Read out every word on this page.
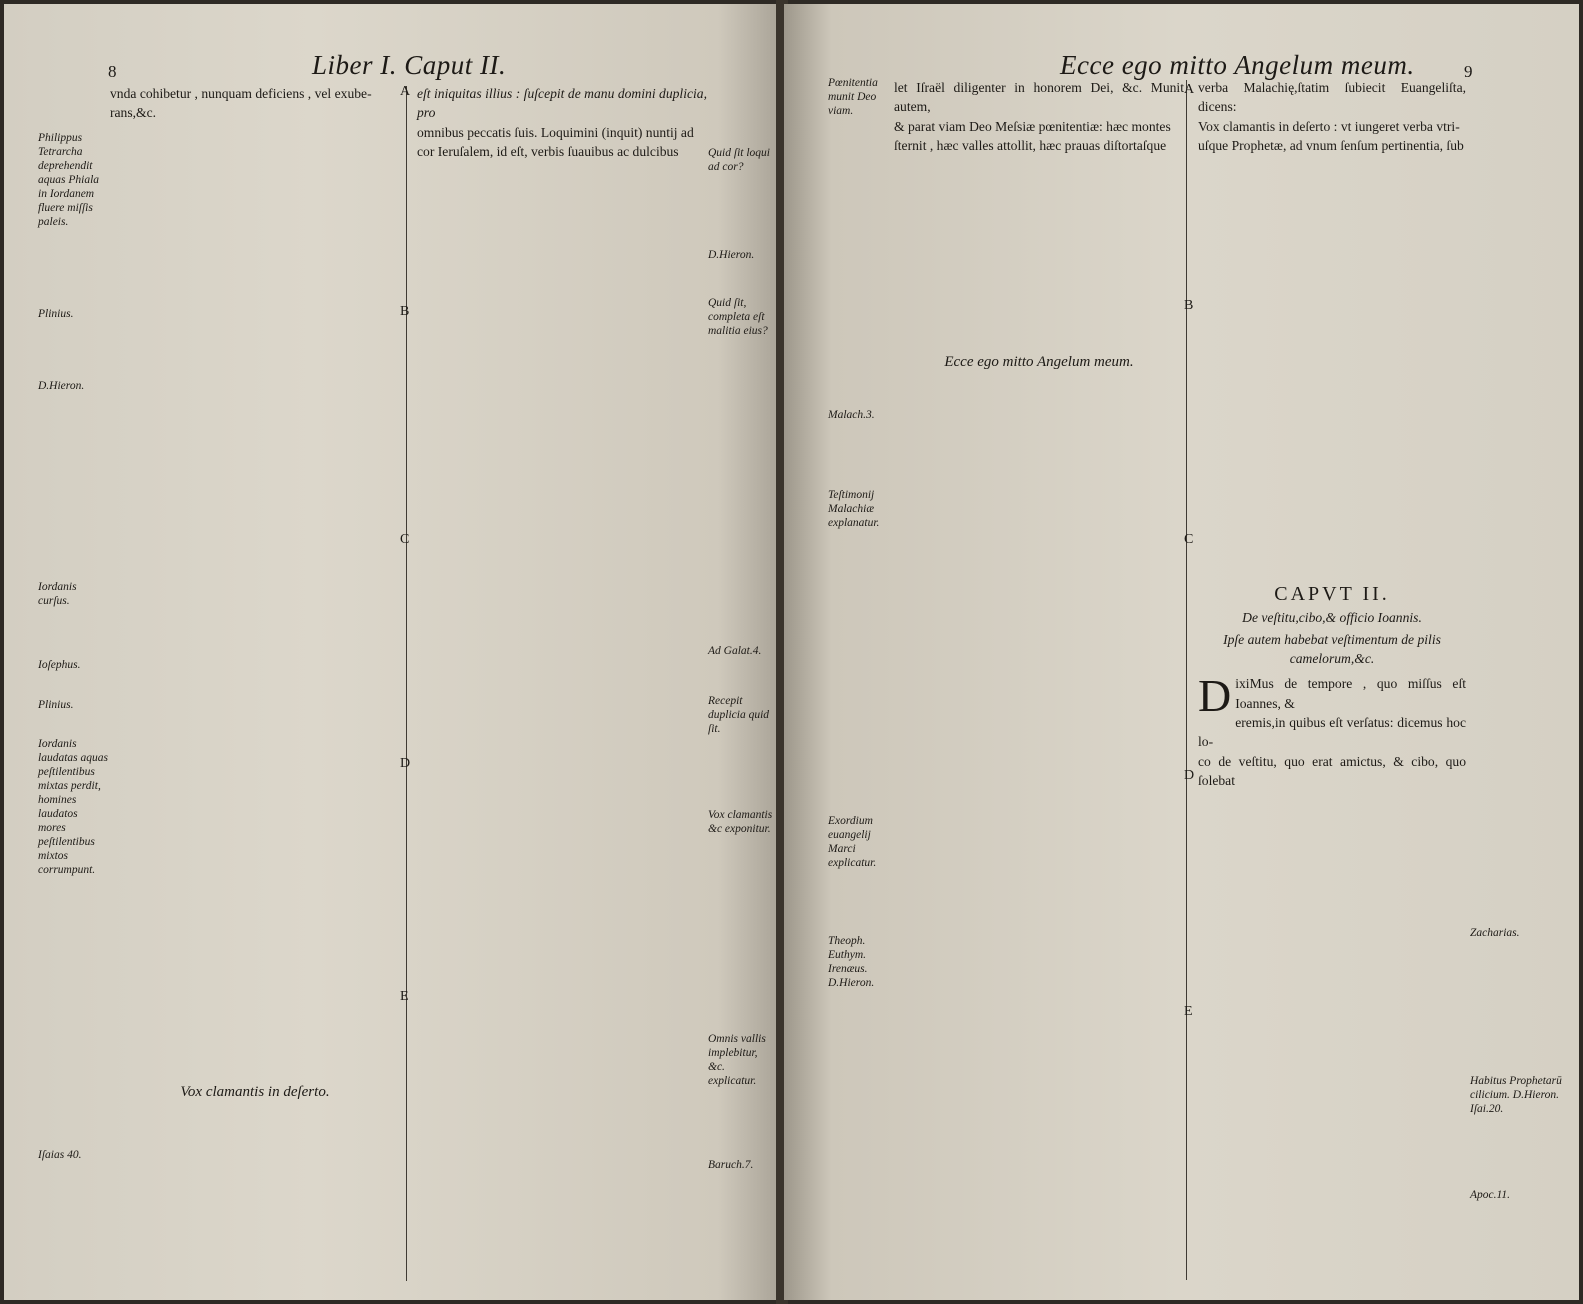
8	Liber I. Caput II.
Philippus Tetrarcha deprehendit aquas Phiala in Iordanem fluere miſſis paleis.
Plinius.
D.Hieron.
Iordanis curſus.
Ioſephus.
Plinius.
Iordanis laudatas aquas peſtilentibus mixtas perdit, homines laudatos mores peſtilentibus mixtos corrumpunt.
Iſaias 40.

vnda cohibetur , nunquam deficiens , vel exube-

rans,&c.

Vox clamantis in deſerto.

A
B
C
D
E

eſt iniquitas illius : ſuſcepit de manu domini duplicia, pro

omnibus peccatis ſuis. Loquimini (inquit) nuntij ad

cor Ieruſalem, id eſt, verbis ſuauibus ac dulcibus	Quid ſit loqui ad cor?
D.Hieron.
Quid ſit, completa eſt malitia eius?
Ad Galat.4.
Recepit duplicia quid ſit.
Vox clamantis &c exponitur.
Omnis vallis implebitur, &c. explicatur.
Baruch.7.
Ecce ego mitto Angelum meum.	9
Pœnitentia munit Deo viam.
Malach.3.
Teſtimonij Malachiæ explanatur.
Exordium euangelij Marci explicatur.
Theoph. Euthym. Irenæus. D.Hieron.

let Iſraël diligenter in honorem Dei, &c. Munit autem,

& parat viam Deo Meſsiæ pœnitentiæ: hæc montes

ſternit , hæc valles attollit, hæc prauas diſtortaſque

Ecce ego mitto Angelum meum.

A
B
C
D
E

verba Malachię,ſtatim ſubiecit Euangeliſta, dicens:

Vox clamantis in deſerto : vt iungeret verba vtri-

uſque Prophetæ, ad vnum ſenſum pertinentia, ſub

CAPVT II.

De veſtitu,cibo,& officio Ioannis.

Ipſe autem habebat veſtimentum de pilis camelorum,&c.

DixiMus de tempore , quo miſſus eſt Ioannes, &

eremis,in quibus eſt verſatus: dicemus hoc lo-

co de veſtitu, quo erat amictus, & cibo, quo ſolebat

Zacharias.
Habitus Prophetarū cilicium. D.Hieron. Iſai.20.
Apoc.11.
